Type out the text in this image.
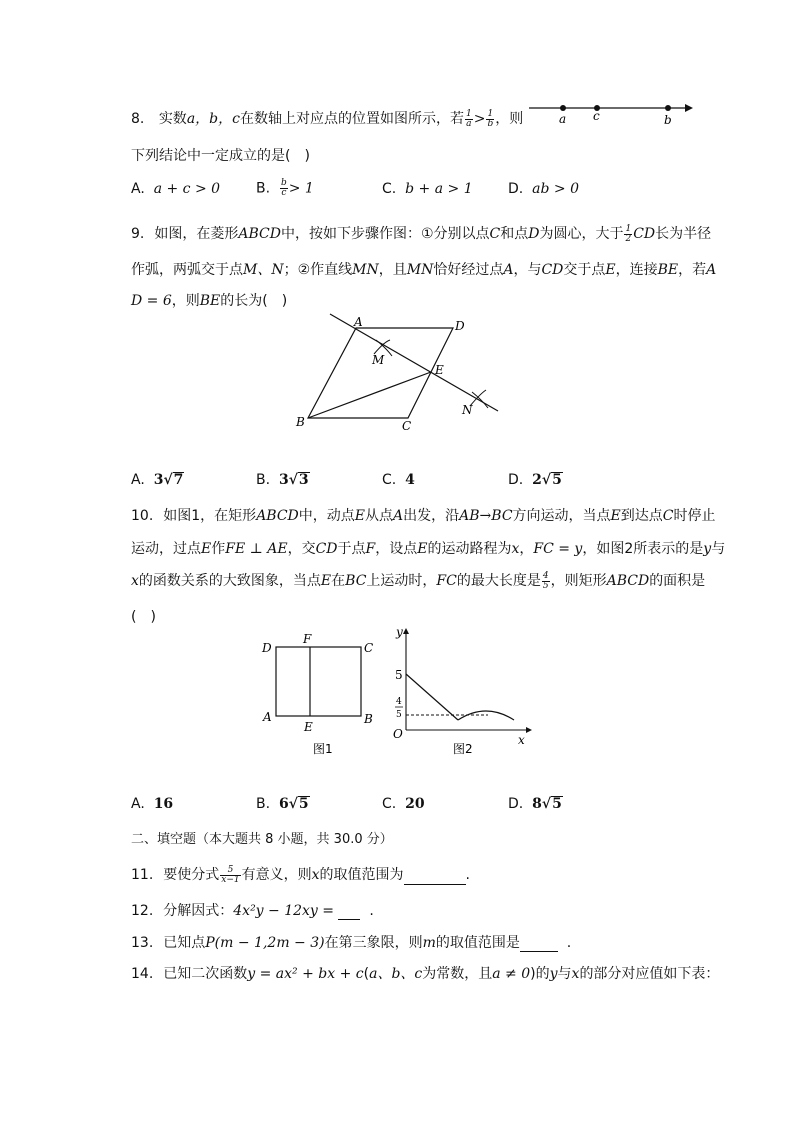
8. 实数a，b，c在数轴上对应点的位置如图所示，若 $\frac{1}{a} > \frac{1}{b}$ ，则	a c	b
下列结论中一定成立的是(　)
A. a + c > 0	B. $\frac{b}{c} > 1$	C. b + a > 1	D. ab > 0
9. 如图，在菱形ABCD中，按如下步骤作图：①分别以点C和点D为圆心，大于 $\frac{1}{2}$ CD长为半径
作弧，两弧交于点M、N；②作直线MN，且MN恰好经过点A，与CD交于点E，连接BE，若A
D = 6，则BE的长为(　)
A	D
M
E
B	C
N
A. 3√7	B. 3√3	C. 4	D. 2√5
10. 如图1，在矩形ABCD中，动点E从点A出发，沿AB→BC方向运动，当点E到达点C时停止
运动，过点E作FE ⊥ AE，交CD于点F，设点E的运动路程为x，FC = y，如图2所表示的是y与
x的函数关系的大致图象，当点E在BC上运动时，FC的最大长度是 $\frac{4}{5}$ ，则矩形ABCD的面积是
(　)
D
F
C
A
E
B
图1
y
x
O
5
4
5
图2
A. 16	B. 6√5	C. 20	D. 8√5
二、填空题（本大题共 8 小题，共 30.0 分）
11. 要使分式 $\frac{5}{x-1}$ 有意义，则x的取值范围为	.
12. 分解因式：4x²y − 12xy =	.
13. 已知点P(m − 1,2m − 3)在第三象限，则m的取值范围是	.
14. 已知二次函数y = ax² + bx + c(a、b、c为常数，且a ≠ 0)的y与x的部分对应值如下表：
